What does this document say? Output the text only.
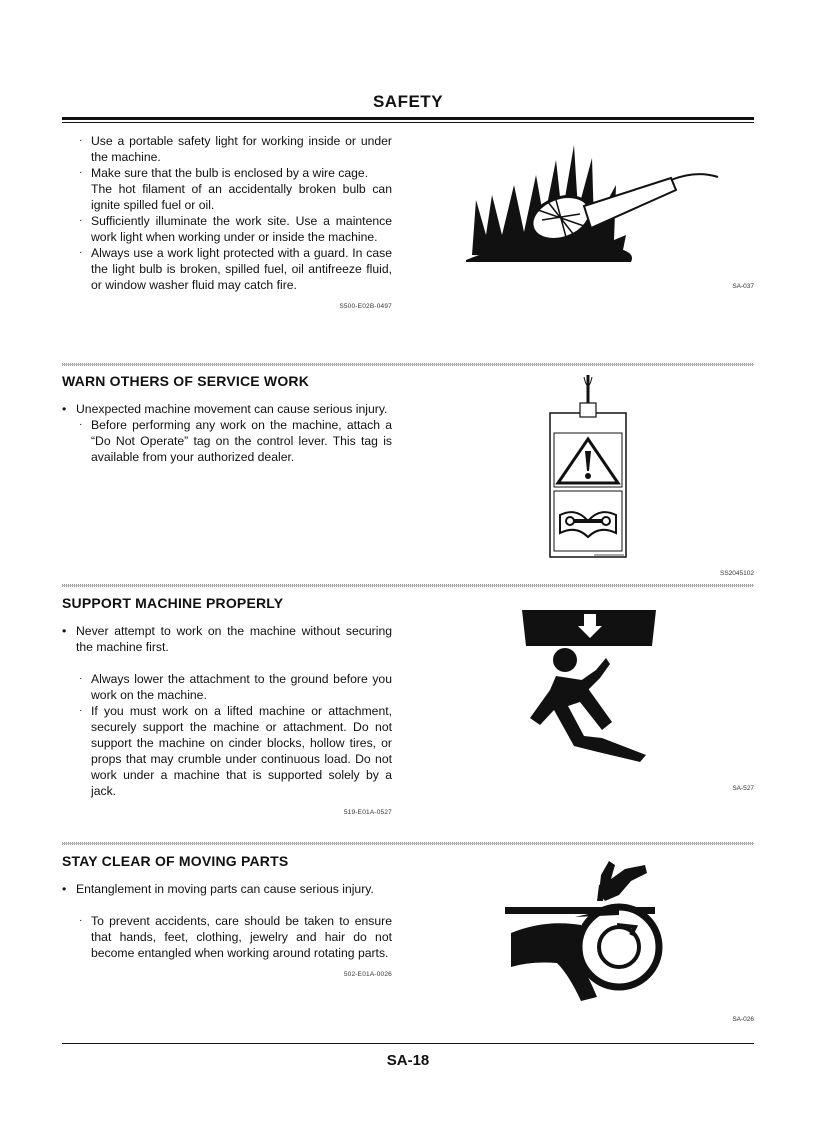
SAFETY
· Use a portable safety light for working inside or under the machine.
· Make sure that the bulb is enclosed by a wire cage.
The hot filament of an accidentally broken bulb can ignite spilled fuel or oil.
· Sufficiently illuminate the work site. Use a maintence work light when working under or inside the machine.
· Always use a work light protected with a guard. In case the light bulb is broken, spilled fuel, oil antifreeze fluid, or window washer fluid may catch fire.
S500-E02B-0497
SA-037
WARN OTHERS OF SERVICE WORK
• Unexpected machine movement can cause serious injury.
· Before performing any work on the machine, attach a “Do Not Operate” tag on the control lever. This tag is available from your authorized dealer.
SS2045102
SUPPORT MACHINE PROPERLY
• Never attempt to work on the machine without securing the machine first.
· Always lower the attachment to the ground before you work on the machine.
· If you must work on a lifted machine or attachment, securely support the machine or attachment. Do not support the machine on cinder blocks, hollow tires, or props that may crumble under continuous load. Do not work under a machine that is supported solely by a jack.
519-E01A-0527
SA-527
STAY CLEAR OF MOVING PARTS
• Entanglement in moving parts can cause serious injury.
· To prevent accidents, care should be taken to ensure that hands, feet, clothing, jewelry and hair do not become entangled when working around rotating parts.
502-E01A-0026
SA-026
SA-18
